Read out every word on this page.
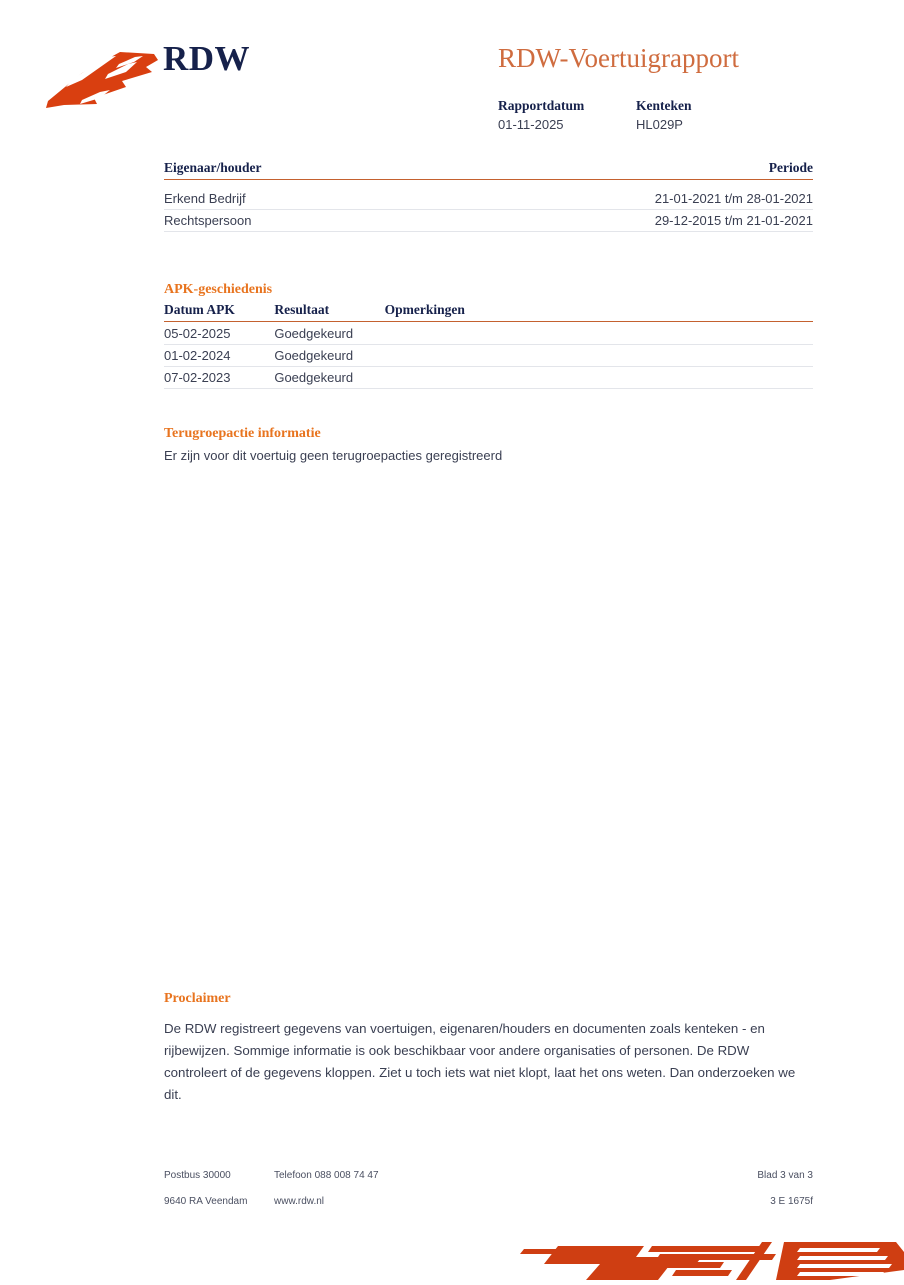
RDW	RDW-Voertuigrapport
Rapportdatum	Kenteken
01-11-2025	HL029P
Eigenaar/houder	Periode
Erkend Bedrijf	21-01-2021 t/m 28-01-2021
Rechtspersoon	29-12-2015 t/m 21-01-2021
APK-geschiedenis
Datum APK	Resultaat	Opmerkingen
05-02-2025	Goedgekeurd	
01-02-2024	Goedgekeurd	
07-02-2023	Goedgekeurd	
Terugroepactie informatie

Er zijn voor dit voertuig geen terugroepacties geregistreerd

Proclaimer

De RDW registreert gegevens van voertuigen, eigenaren/houders en documenten zoals kenteken - en rijbewijzen. Sommige informatie is ook beschikbaar voor andere organisaties of personen. De RDW controleert of de gegevens kloppen. Ziet u toch iets wat niet klopt, laat het ons weten. Dan onderzoeken we dit.

Postbus 30000	Telefoon 088 008 74 47	Blad 3 van 3
9640 RA Veendam	www.rdw.nl	3 E 1675f
